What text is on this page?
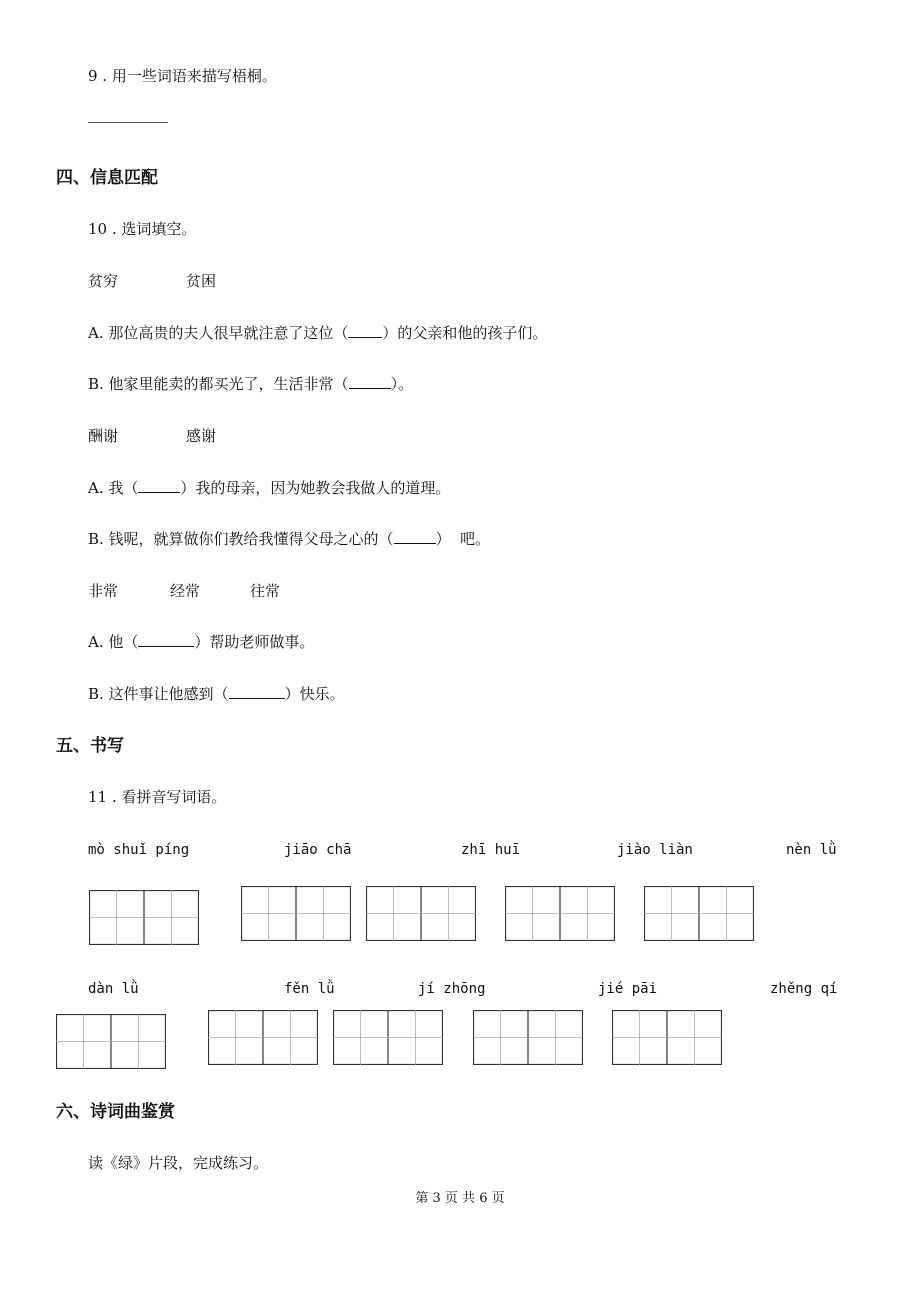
9 . 用一些词语来描写梧桐。
四、信息匹配
10 . 选词填空。
贫穷	贫困
A. 那位高贵的夫人很早就注意了这位（ ）的父亲和他的孩子们。
B. 他家里能卖的都买光了，生活非常（	）。
酬谢	感谢
A. 我（	）我的母亲，因为她教会我做人的道理。
B. 钱呢，就算做你们教给我懂得父母之心的（	）  吧。
非常	经常	往常
A. 他（	）帮助老师做事。
B. 这件事让他感到（	）快乐。
五、书写
11 . 看拼音写词语。
mò shuǐ píng	jiāo chā	zhī huī	jiào liàn	nèn lǜ
dàn lǜ	fěn lǜ	jí zhōng	jié pāi	zhěng qí
六、诗词曲鉴赏
读《绿》片段，完成练习。
第 3 页 共 6 页
